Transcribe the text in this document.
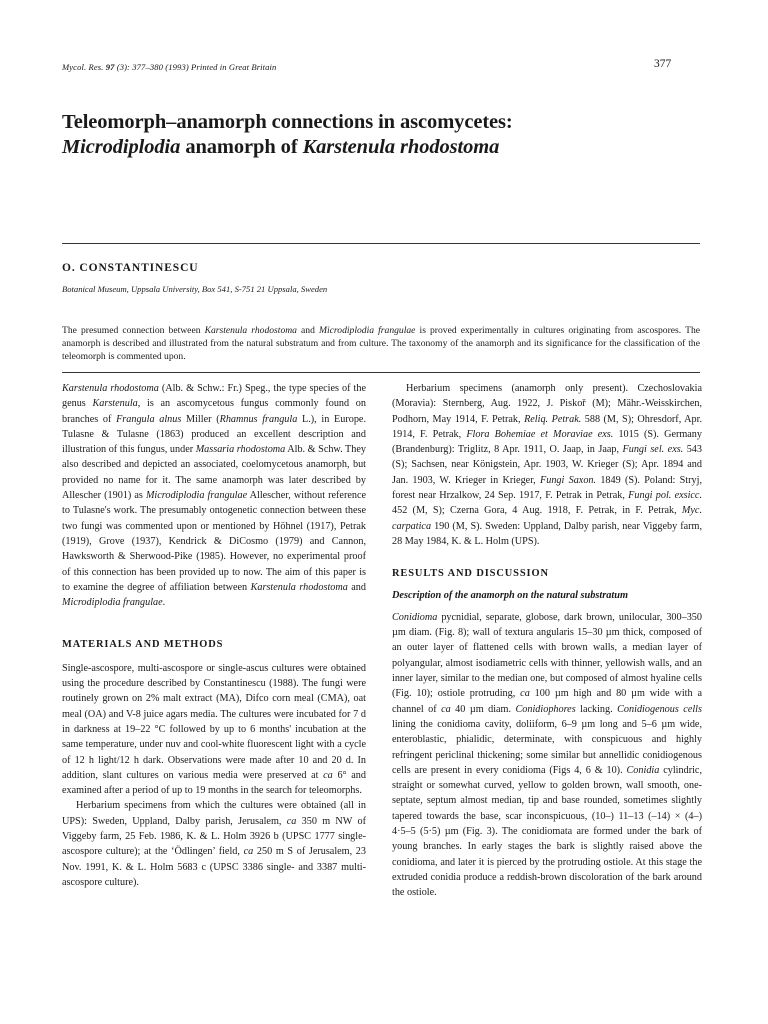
Mycol. Res. 97 (3): 377–380 (1993) Printed in Great Britain	377
Teleomorph–anamorph connections in ascomycetes:
Microdiplodia anamorph of Karstenula rhodostoma
O. CONSTANTINESCU
Botanical Museum, Uppsala University, Box 541, S-751 21 Uppsala, Sweden
The presumed connection between Karstenula rhodostoma and Microdiplodia frangulae is proved experimentally in cultures originating from ascospores. The anamorph is described and illustrated from the natural substratum and from culture. The taxonomy of the anamorph and its significance for the classification of the teleomorph is commented upon.

Karstenula rhodostoma (Alb. & Schw.: Fr.) Speg., the type species of the genus Karstenula, is an ascomycetous fungus commonly found on branches of Frangula alnus Miller (Rhamnus frangula L.), in Europe. Tulasne & Tulasne (1863) produced an excellent description and illustration of this fungus, under Massaria rhodostoma Alb. & Schw. They also described and depicted an associated, coelomycetous anamorph, but provided no name for it. The same anamorph was later described by Allescher (1901) as Microdiplodia frangulae Allescher, without reference to Tulasne's work. The presumably ontogenetic connection between these two fungi was commented upon or mentioned by Höhnel (1917), Petrak (1919), Grove (1937), Kendrick & DiCosmo (1979) and Cannon, Hawksworth & Sherwood-Pike (1985). However, no experimental proof of this connection has been provided up to now. The aim of this paper is to examine the degree of affiliation between Karstenula rhodostoma and Microdiplodia frangulae.

MATERIALS AND METHODS

Single-ascospore, multi-ascospore or single-ascus cultures were obtained using the procedure described by Constantinescu (1988). The fungi were routinely grown on 2% malt extract (MA), Difco corn meal (CMA), oat meal (OA) and V-8 juice agars media. The cultures were incubated for 7 d in darkness at 19–22 °C followed by up to 6 months' incubation at the same temperature, under nuv and cool-white fluorescent light with a cycle of 12 h light/12 h dark. Observations were made after 10 and 20 d. In addition, slant cultures on various media were preserved at ca 6° and examined after a period of up to 19 months in the search for teleomorphs.

Herbarium specimens from which the cultures were obtained (all in UPS): Sweden, Uppland, Dalby parish, Jerusalem, ca 350 m NW of Viggeby farm, 25 Feb. 1986, K. & L. Holm 3926 b (UPSC 1777 single-ascospore culture); at the ‘Ödlingen’ field, ca 250 m S of Jerusalem, 23 Nov. 1991, K. & L. Holm 5683 c (UPSC 3386 single- and 3387 multi-ascospore culture).

Herbarium specimens (anamorph only present). Czechoslovakia (Moravia): Sternberg, Aug. 1922, J. Piskoř (M); Mähr.-Weisskirchen, Podhorn, May 1914, F. Petrak, Reliq. Petrak. 588 (M, S); Ohresdorf, Apr. 1914, F. Petrak, Flora Bohemiae et Moraviae exs. 1015 (S). Germany (Brandenburg): Triglitz, 8 Apr. 1911, O. Jaap, in Jaap, Fungi sel. exs. 543 (S); Sachsen, near Königstein, Apr. 1903, W. Krieger (S); Apr. 1894 and Jan. 1903, W. Krieger in Krieger, Fungi Saxon. 1849 (S). Poland: Stryj, forest near Hrzalkow, 24 Sep. 1917, F. Petrak in Petrak, Fungi pol. exsicc. 452 (M, S); Czerna Gora, 4 Aug. 1918, F. Petrak, in F. Petrak, Myc. carpatica 190 (M, S). Sweden: Uppland, Dalby parish, near Viggeby farm, 28 May 1984, K. & L. Holm (UPS).

RESULTS AND DISCUSSION

Description of the anamorph on the natural substratum

Conidioma pycnidial, separate, globose, dark brown, unilocular, 300–350 µm diam. (Fig. 8); wall of textura angularis 15–30 µm thick, composed of an outer layer of flattened cells with brown walls, a median layer of polyangular, almost isodiametric cells with thinner, yellowish walls, and an inner layer, similar to the median one, but composed of almost hyaline cells (Fig. 10); ostiole protruding, ca 100 µm high and 80 µm wide with a channel of ca 40 µm diam. Conidiophores lacking. Conidiogenous cells lining the conidioma cavity, doliiform, 6–9 µm long and 5–6 µm wide, enteroblastic, phialidic, determinate, with conspicuous and highly refringent periclinal thickening; some similar but annellidic conidiogenous cells are present in every conidioma (Figs 4, 6 & 10). Conidia cylindric, straight or somewhat curved, yellow to golden brown, wall smooth, one-septate, septum almost median, tip and base rounded, sometimes slightly tapered towards the base, scar inconspicuous, (10–) 11–13 (–14) × (4–) 4·5–5 (5·5) µm (Fig. 3). The conidiomata are formed under the bark of young branches. In early stages the bark is slightly raised above the conidioma, and later it is pierced by the protruding ostiole. At this stage the extruded conidia produce a reddish-brown discoloration of the bark around the ostiole.
